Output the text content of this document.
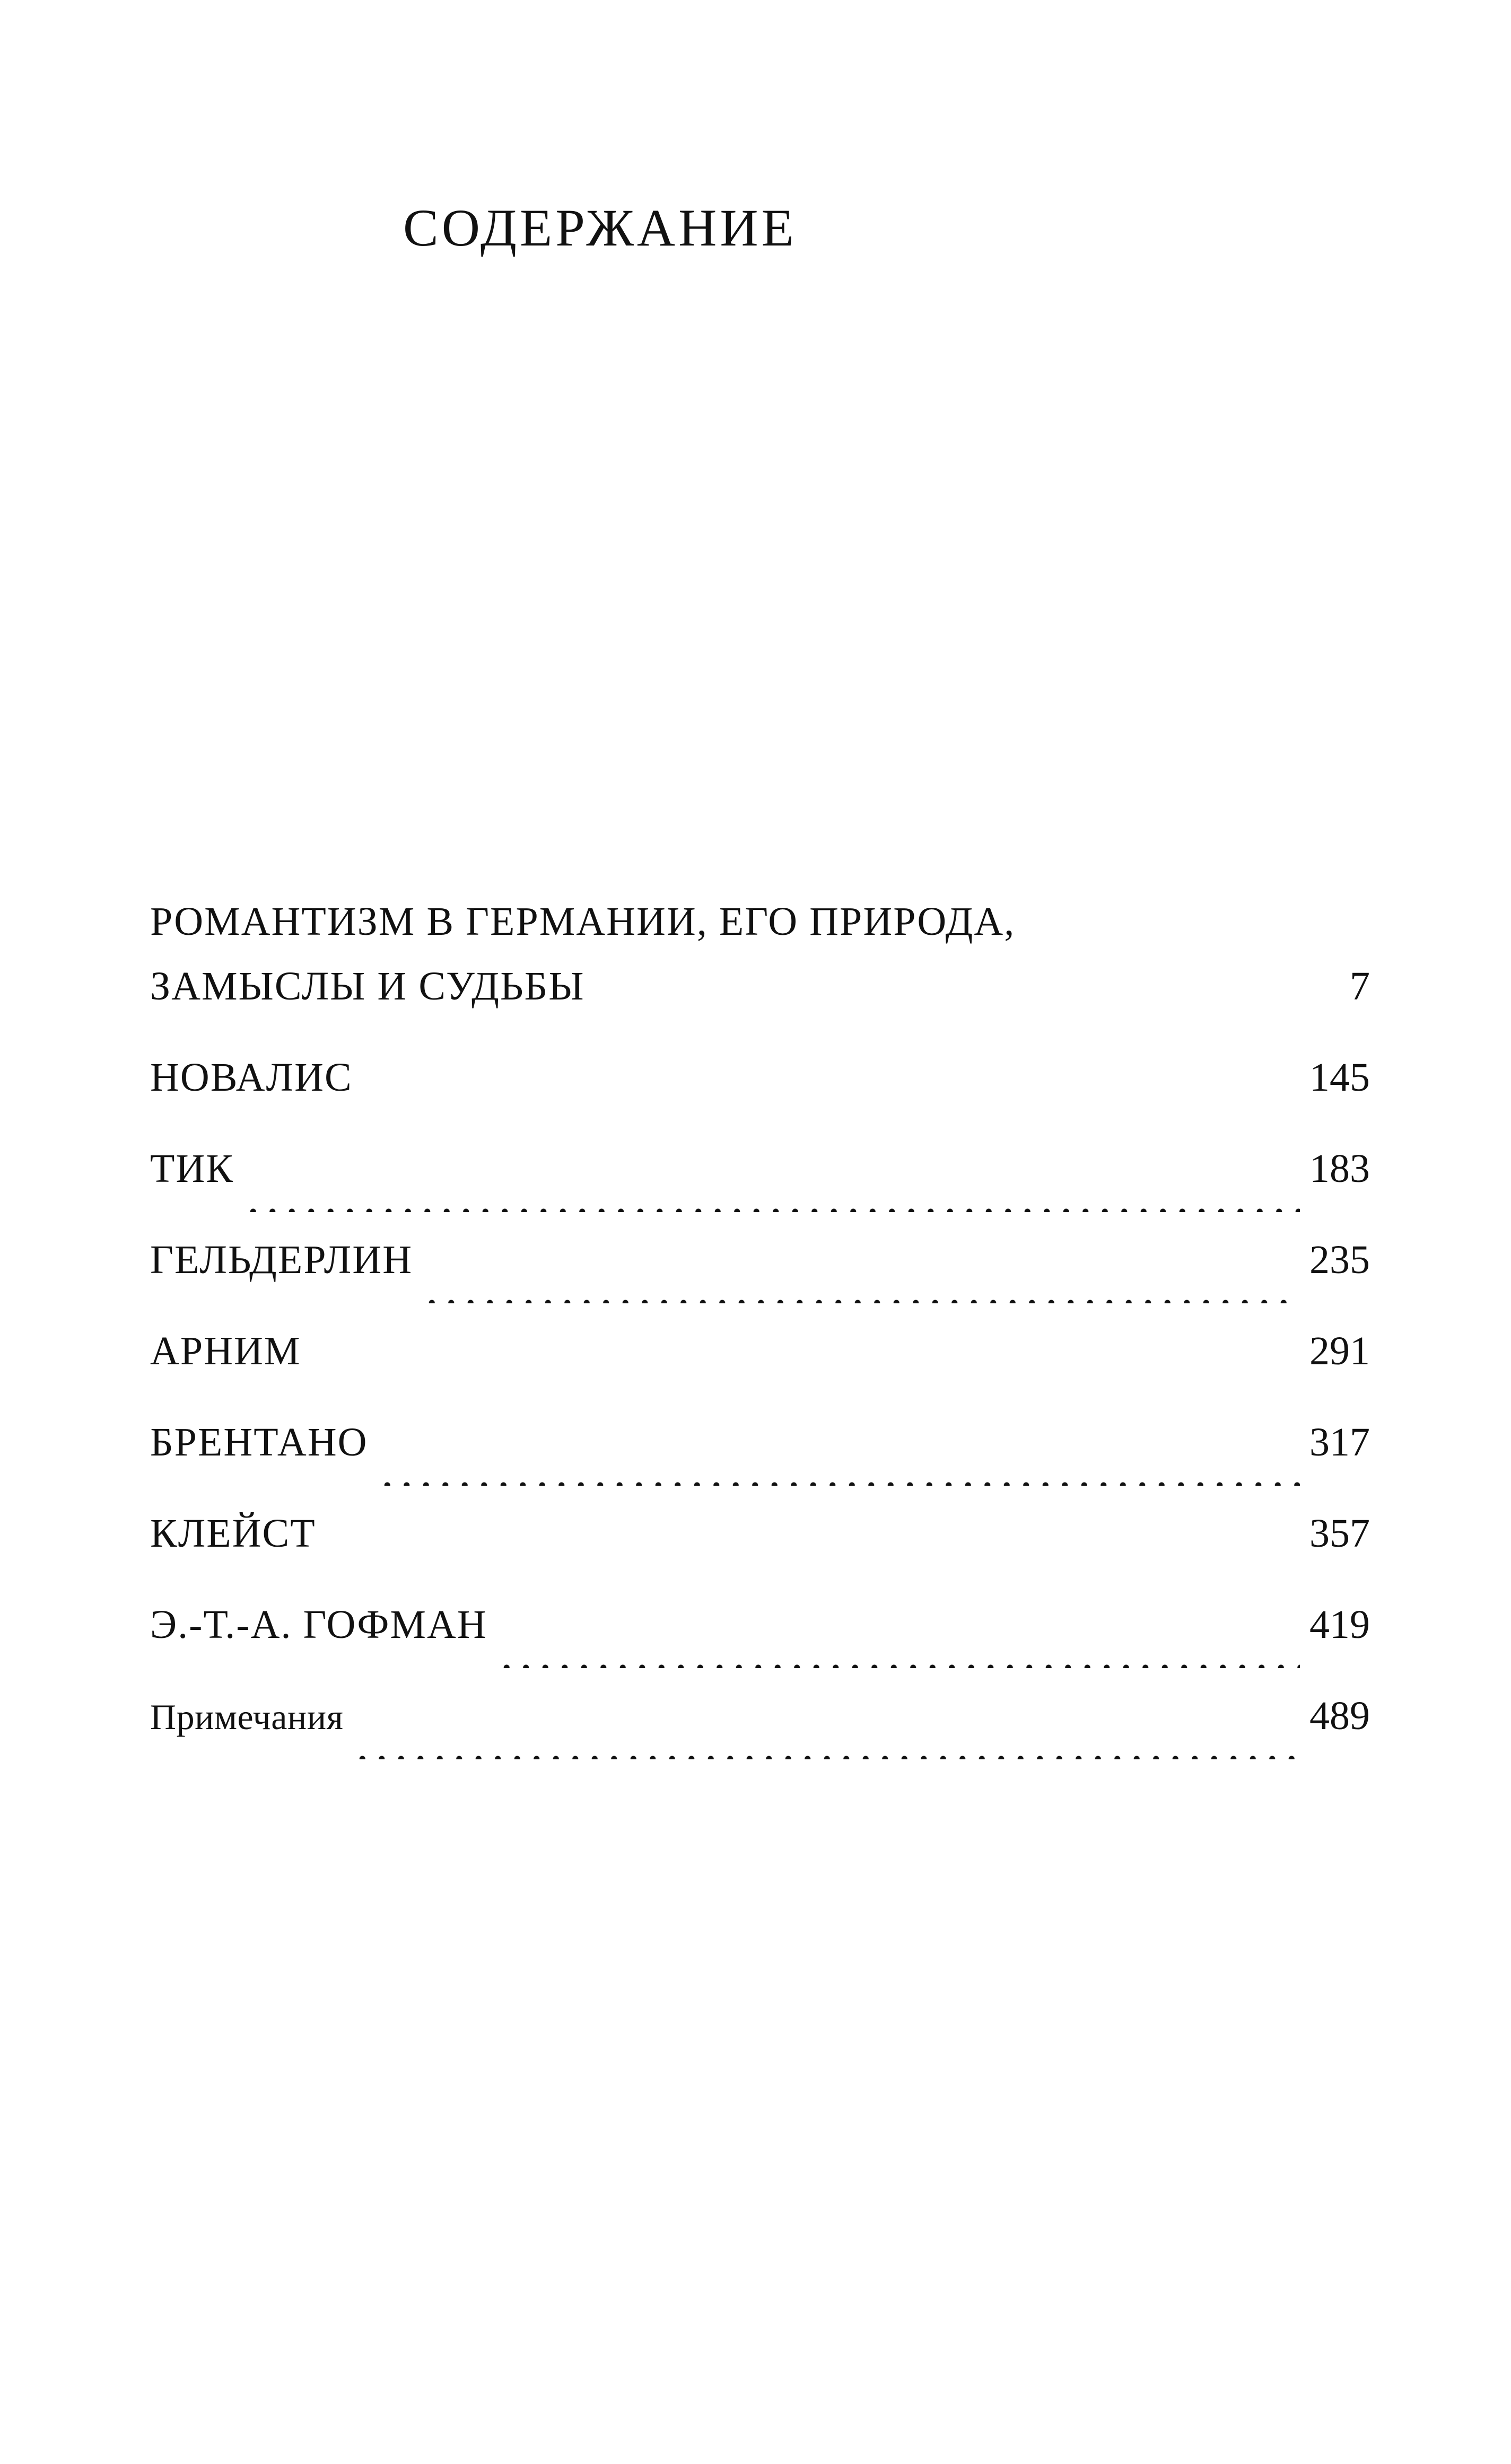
СОДЕРЖАНИЕ
РОМАНТИЗМ В ГЕРМАНИИ, ЕГО ПРИРОДА,
ЗАМЫСЛЫ И СУДЬБЫ	7
НОВАЛИС	145
ТИК	183
ГЕЛЬДЕРЛИН	235
АРНИМ	291
БРЕНТАНО	317
КЛЕЙСТ	357
Э.-Т.-А. ГОФМАН	419
Примечания	489
